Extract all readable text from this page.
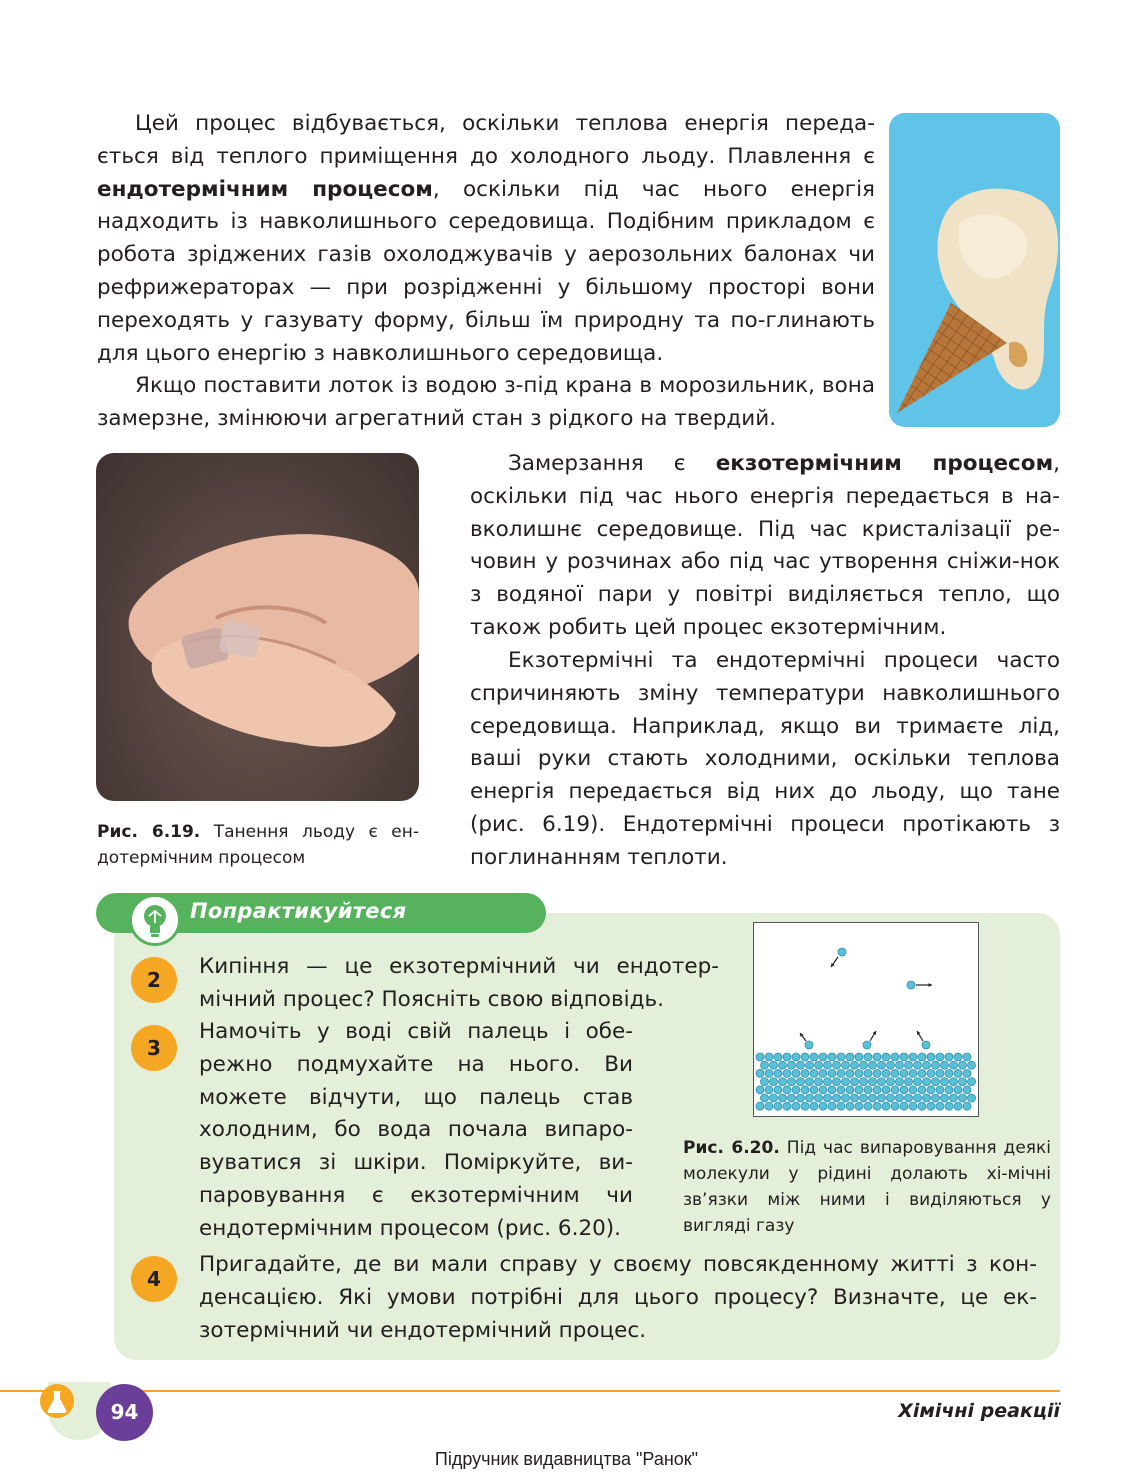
Цей процес відбувається, оскільки теплова енергія переда-ється від теплого приміщення до холодного льоду. Плавлення є ендотермічним процесом, оскільки під час нього енергія надходить із навколишнього середовища. Подібним прикладом є робота зріджених газів охолоджувачів у аерозольних балонах чи рефрижераторах — при розрідженні у більшому просторі вони переходять у газувату форму, більш їм природну та по-глинають для цього енергію з навколишнього середовища.

Якщо поставити лоток із водою з-під крана в морозильник, вона замерзне, змінюючи агрегатний стан з рідкого на твердий.

Рис. 6.19. Танення льоду є ен-дотермічним процесом

Замерзання є екзотермічним процесом, оскільки під час нього енергія передається в на-вколишнє середовище. Під час кристалізації ре-човин у розчинах або під час утворення сніжи-нок з водяної пари у повітрі виділяється тепло, що також робить цей процес екзотермічним.

Екзотермічні та ендотермічні процеси часто спричиняють зміну температури навколишнього середовища. Наприклад, якщо ви тримаєте лід, ваші руки стають холодними, оскільки теплова енергія передається від них до льоду, що тане (рис. 6.19). Ендотермічні процеси протікають з поглинанням теплоти.

Попрактикуйтеся
2

Кипіння — це екзотермічний чи ендотер-мічний процес? Поясніть свою відповідь.

3

Намочіть у воді свій палець і обе-режно подмухайте на нього. Ви можете відчути, що палець став холодним, бо вода почала випаро-вуватися зі шкіри. Поміркуйте, ви-паровування є екзотермічним чи ендотермічним процесом (рис. 6.20).

4

Пригадайте, де ви мали справу у своєму повсякденному житті з кон-денсацією. Які умови потрібні для цього процесу? Визначте, це ек-зотермічний чи ендотермічний процес.

Рис. 6.20. Під час випаровування деякі молекули у рідині долають хі-мічні зв’язки між ними і виділяються у вигляді газу

94	Хімічні реакції
Підручник видавництва "Ранок"
